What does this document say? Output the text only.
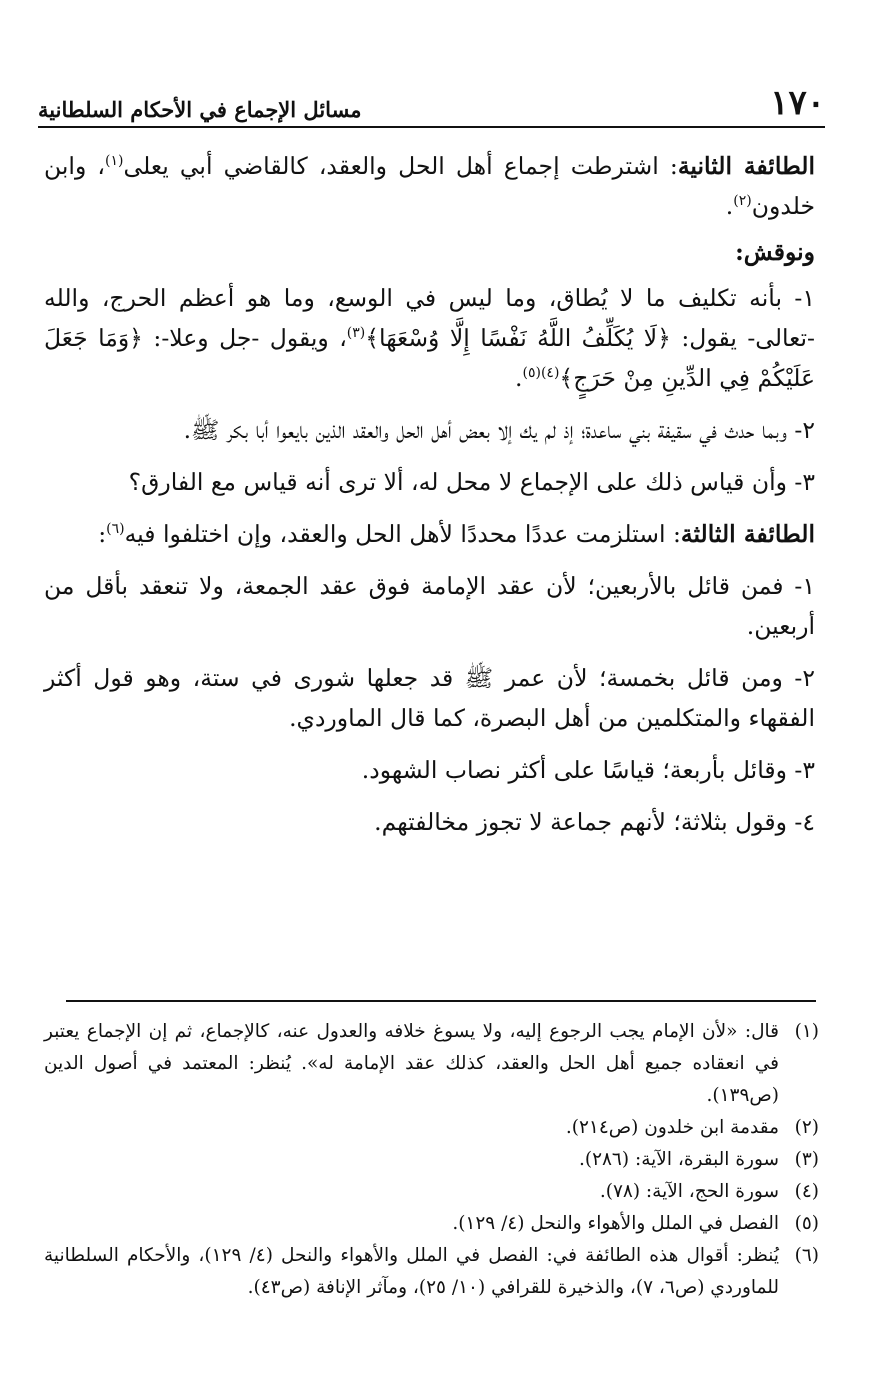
١٧٠
مسائل الإجماع في الأحكام السلطانية

الطائفة الثانية: اشترطت إجماع أهل الحل والعقد، كالقاضي أبي يعلى$^{(١)}$، وابن خلدون$^{(٢)}$.

ونوقش:

١- بأنه تكليف ما لا يُطاق، وما ليس في الوسع، وما هو أعظم الحرج، والله -تعالى- يقول: ﴿لَا يُكَلِّفُ اللَّهُ نَفْسًا إِلَّا وُسْعَهَا﴾$^{(٣)}$، ويقول -جل وعلا-: ﴿وَمَا جَعَلَ عَلَيْكُمْ فِي الدِّينِ مِنْ حَرَجٍ﴾$^{(٤)(٥)}$.

٢- وبما حدث في سقيفة بني ساعدة؛ إذ لم يك إلا بعض أهل الحل والعقد الذين بايعوا أبا بكر ﷺ.

٣- وأن قياس ذلك على الإجماع لا محل له، ألا ترى أنه قياس مع الفارق؟

الطائفة الثالثة: استلزمت عددًا محددًا لأهل الحل والعقد، وإن اختلفوا فيه$^{(٦)}$:

١- فمن قائل بالأربعين؛ لأن عقد الإمامة فوق عقد الجمعة، ولا تنعقد بأقل من أربعين.

٢- ومن قائل بخمسة؛ لأن عمر ﷺ قد جعلها شورى في ستة، وهو قول أكثر الفقهاء والمتكلمين من أهل البصرة، كما قال الماوردي.

٣- وقائل بأربعة؛ قياسًا على أكثر نصاب الشهود.

٤- وقول بثلاثة؛ لأنهم جماعة لا تجوز مخالفتهم.

(١)
قال: «لأن الإمام يجب الرجوع إليه، ولا يسوغ خلافه والعدول عنه، كالإجماع، ثم إن الإجماع يعتبر في انعقاده جميع أهل الحل والعقد، كذلك عقد الإمامة له». يُنظر: المعتمد في أصول الدين (ص١٣٩).

(٢)
مقدمة ابن خلدون (ص٢١٤).

(٣)
سورة البقرة، الآية: (٢٨٦).

(٤)
سورة الحج، الآية: (٧٨).

(٥)
الفصل في الملل والأهواء والنحل (٤/ ١٢٩).

(٦)
يُنظر: أقوال هذه الطائفة في: الفصل في الملل والأهواء والنحل (٤/ ١٢٩)، والأحكام السلطانية للماوردي (ص٦، ٧)، والذخيرة للقرافي (١٠/ ٢٥)، ومآثر الإنافة (ص٤٣).
